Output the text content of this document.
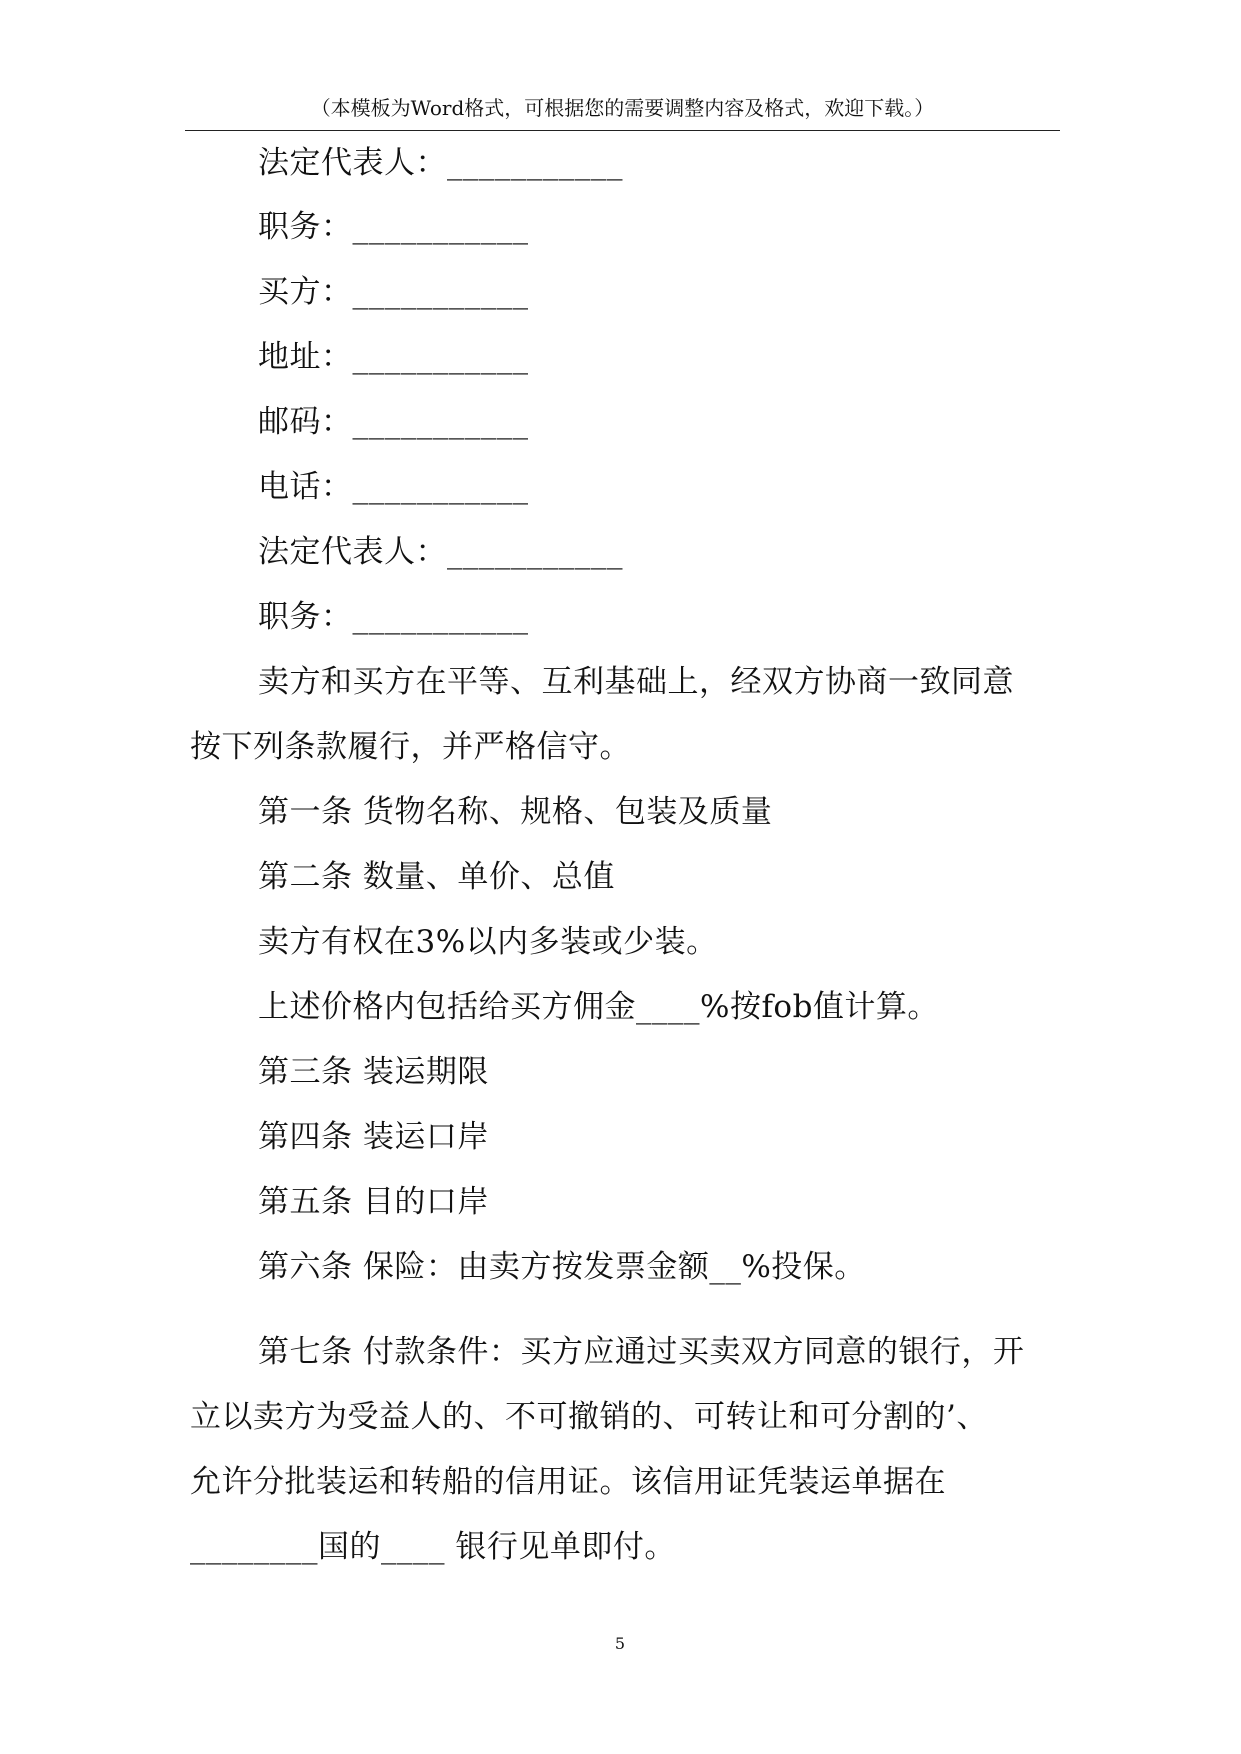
（本模板为Word格式，可根据您的需要调整内容及格式，欢迎下载。）
法定代表人：___________
职务：___________
买方：___________
地址：___________
邮码：___________
电话：___________
法定代表人：___________
职务：___________
卖方和买方在平等、互利基础上，经双方协商一致同意
按下列条款履行，并严格信守。
第一条 货物名称、规格、包装及质量
第二条 数量、单价、总值
卖方有权在3%以内多装或少装。
上述价格内包括给买方佣金____%按fob值计算。
第三条 装运期限
第四条 装运口岸
第五条 目的口岸
第六条 保险：由卖方按发票金额__%投保。
第七条 付款条件：买方应通过买卖双方同意的银行，开
立以卖方为受益人的、不可撤销的、可转让和可分割的’、
允许分批装运和转船的信用证。该信用证凭装运单据在
________国的____ 银行见单即付。
5
